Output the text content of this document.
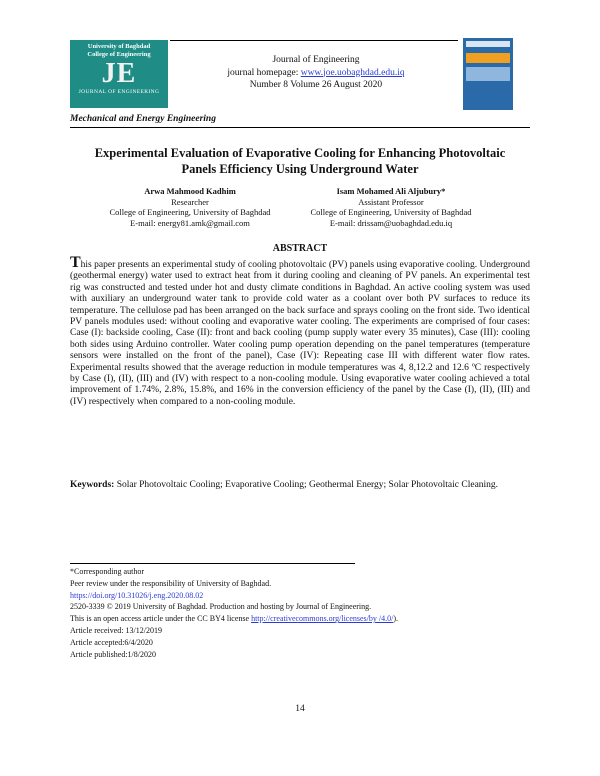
University of Baghdad
College of Engineering
JE
JOURNAL OF ENGINEERING
Journal of Engineering
journal homepage: www.joe.uobaghdad.edu.iq
Number 8 Volume 26 August 2020
Mechanical and Energy Engineering
Experimental Evaluation of Evaporative Cooling for Enhancing Photovoltaic
Panels Efficiency Using Underground Water
Arwa Mahmood Kadhim
Researcher
College of Engineering, University of Baghdad
E-mail: energy81.amk@gmail.com
Isam Mohamed Ali Aljubury*
Assistant Professor
College of Engineering, University of Baghdad
E-mail: drissam@uobaghdad.edu.iq
ABSTRACT
This paper presents an experimental study of cooling photovoltaic (PV) panels using evaporative cooling. Underground (geothermal energy) water used to extract heat from it during cooling and cleaning of PV panels. An experimental test rig was constructed and tested under hot and dusty climate conditions in Baghdad. An active cooling system was used with auxiliary an underground water tank to provide cold water as a coolant over both PV surfaces to reduce its temperature. The cellulose pad has been arranged on the back surface and sprays cooling on the front side. Two identical PV panels modules used: without cooling and evaporative water cooling. The experiments are comprised of four cases: Case (I): backside cooling, Case (II): front and back cooling (pump supply water every 35 minutes), Case (III): cooling both sides using Arduino controller. Water cooling pump operation depending on the panel temperatures (temperature sensors were installed on the front of the panel), Case (IV): Repeating case III with different water flow rates. Experimental results showed that the average reduction in module temperatures was 4, 8,12.2 and 12.6 ºC respectively by Case (I), (II), (III) and (IV) with respect to a non-cooling module. Using evaporative water cooling achieved a total improvement of 1.74%, 2.8%, 15.8%, and 16% in the conversion efficiency of the panel by the Case (I), (II), (III) and (IV) respectively when compared to a non-cooling module.
Keywords: Solar Photovoltaic Cooling; Evaporative Cooling; Geothermal Energy; Solar Photovoltaic Cleaning.
*Corresponding author
Peer review under the responsibility of University of Baghdad.
https://doi.org/10.31026/j.eng.2020.08.02
2520-3339 © 2019 University of Baghdad. Production and hosting by Journal of Engineering.
This is an open access article under the CC BY4 license http://creativecommons.org/licenses/by /4.0/).
Article received: 13/12/2019
Article accepted:6/4/2020
Article published:1/8/2020
14
